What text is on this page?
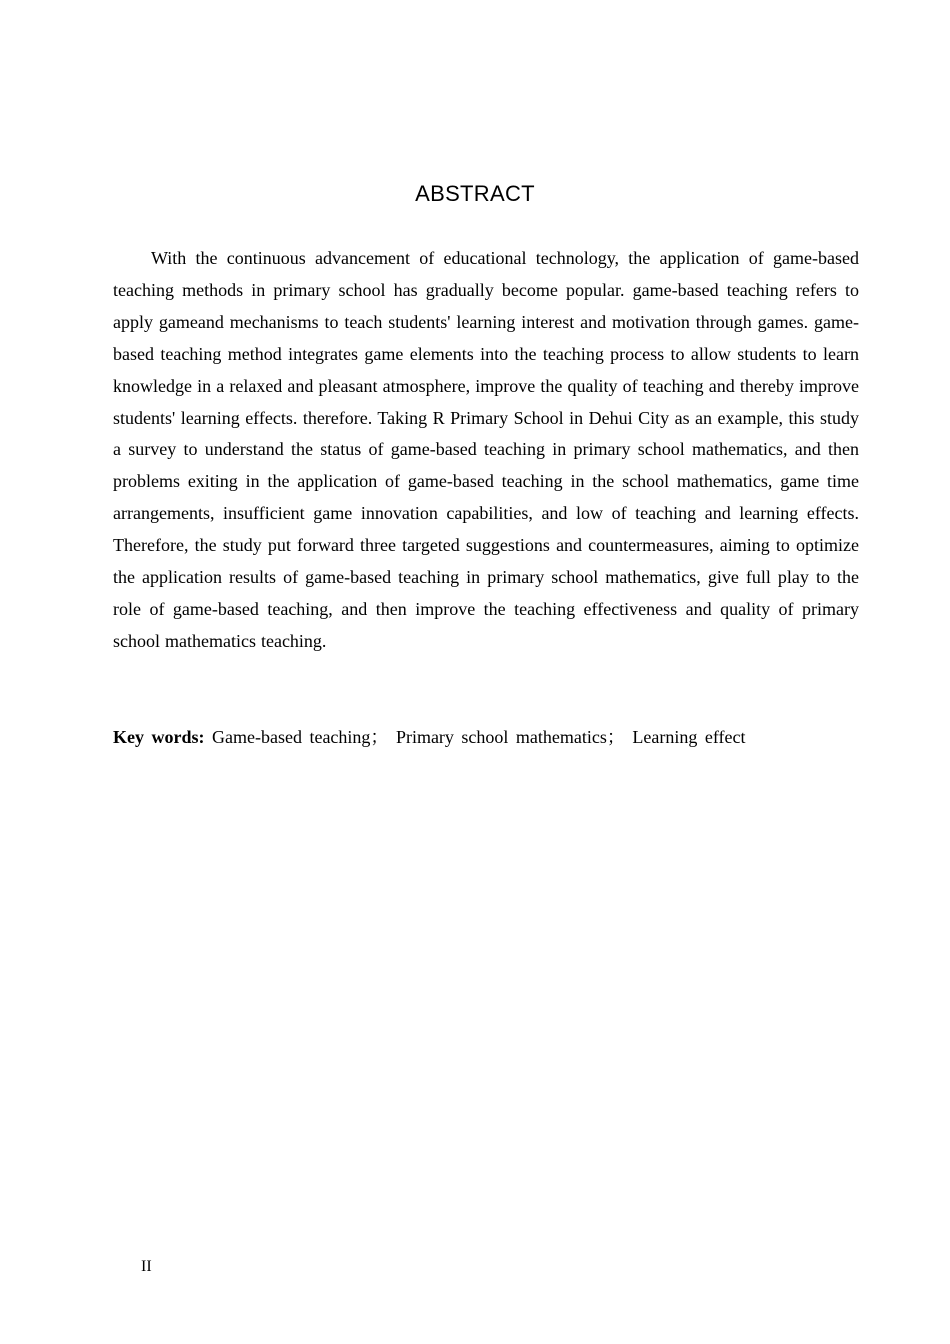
ABSTRACT

With the continuous advancement of educational technology, the application of game-based teaching methods in primary school has gradually become popular. game-based teaching refers to apply gameand mechanisms to teach students' learning interest and motivation through games. game-based teaching method integrates game elements into the teaching process to allow students to learn knowledge in a relaxed and pleasant atmosphere, improve the quality of teaching and thereby improve students' learning effects. therefore. Taking R Primary School in Dehui City as an example, this study a survey to understand the status of game-based teaching in primary school mathematics, and then problems exiting in the application of game-based teaching in the school mathematics, game time arrangements, insufficient game innovation capabilities, and low of teaching and learning effects. Therefore, the study put forward three targeted suggestions and countermeasures, aiming to optimize the application results of game-based teaching in primary school mathematics, give full play to the role of game-based teaching, and then improve the teaching effectiveness and quality of primary school mathematics teaching.

Key words: Game-based teaching； Primary school mathematics； Learning effect
II
